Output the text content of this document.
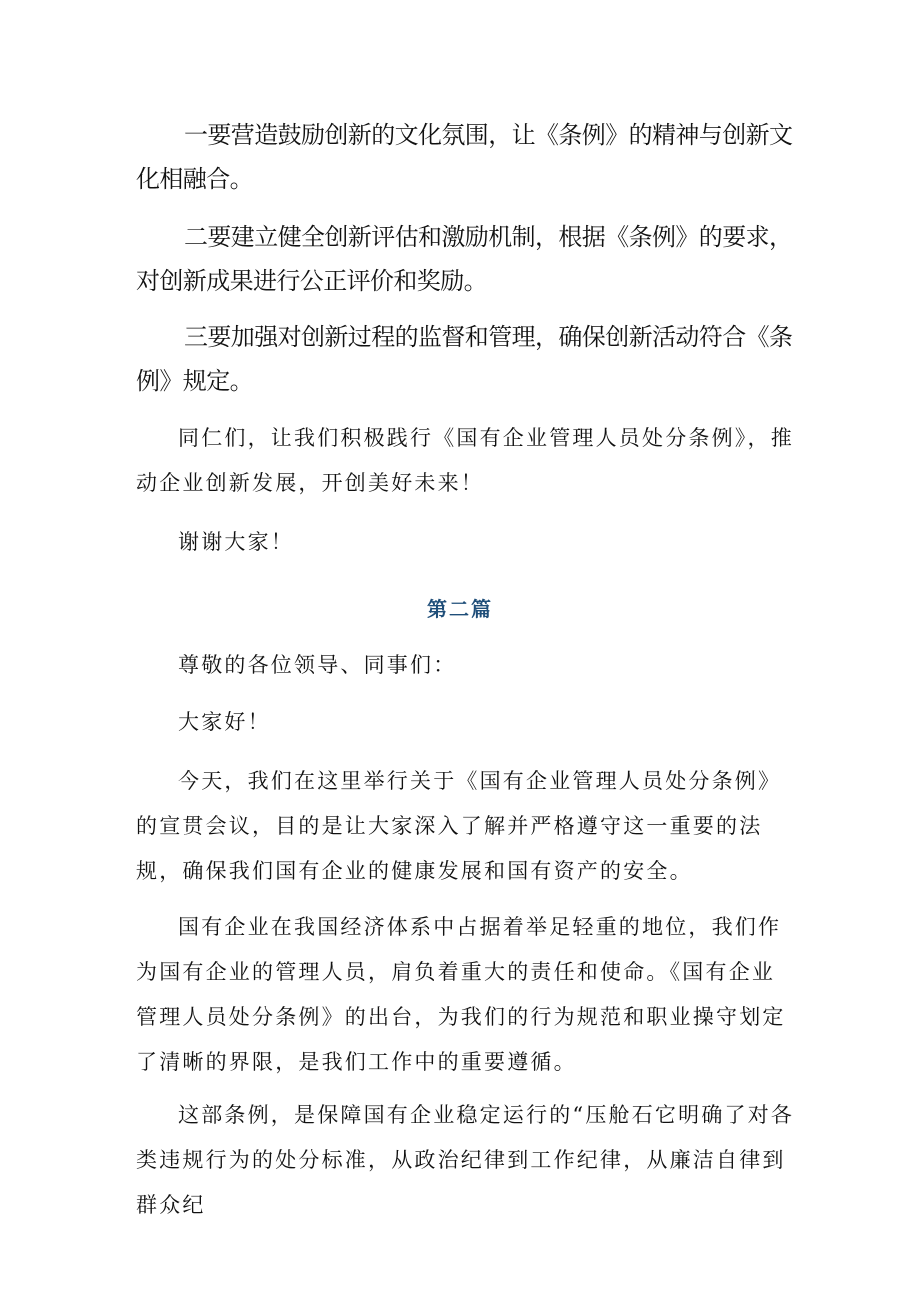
一要营造鼓励创新的文化氛围，让《条例》的精神与创新文化相融合。

二要建立健全创新评估和激励机制，根据《条例》的要求，对创新成果进行公正评价和奖励。

三要加强对创新过程的监督和管理，确保创新活动符合《条例》规定。

同仁们，让我们积极践行《国有企业管理人员处分条例》，推动企业创新发展，开创美好未来！

谢谢大家！

第二篇

尊敬的各位领导、同事们：

大家好！

今天，我们在这里举行关于《国有企业管理人员处分条例》的宣贯会议，目的是让大家深入了解并严格遵守这一重要的法规，确保我们国有企业的健康发展和国有资产的安全。

国有企业在我国经济体系中占据着举足轻重的地位，我们作为国有企业的管理人员，肩负着重大的责任和使命。《国有企业管理人员处分条例》的出台，为我们的行为规范和职业操守划定了清晰的界限，是我们工作中的重要遵循。

这部条例，是保障国有企业稳定运行的“压舱石它明确了对各类违规行为的处分标准，从政治纪律到工作纪律，从廉洁自律到群众纪
